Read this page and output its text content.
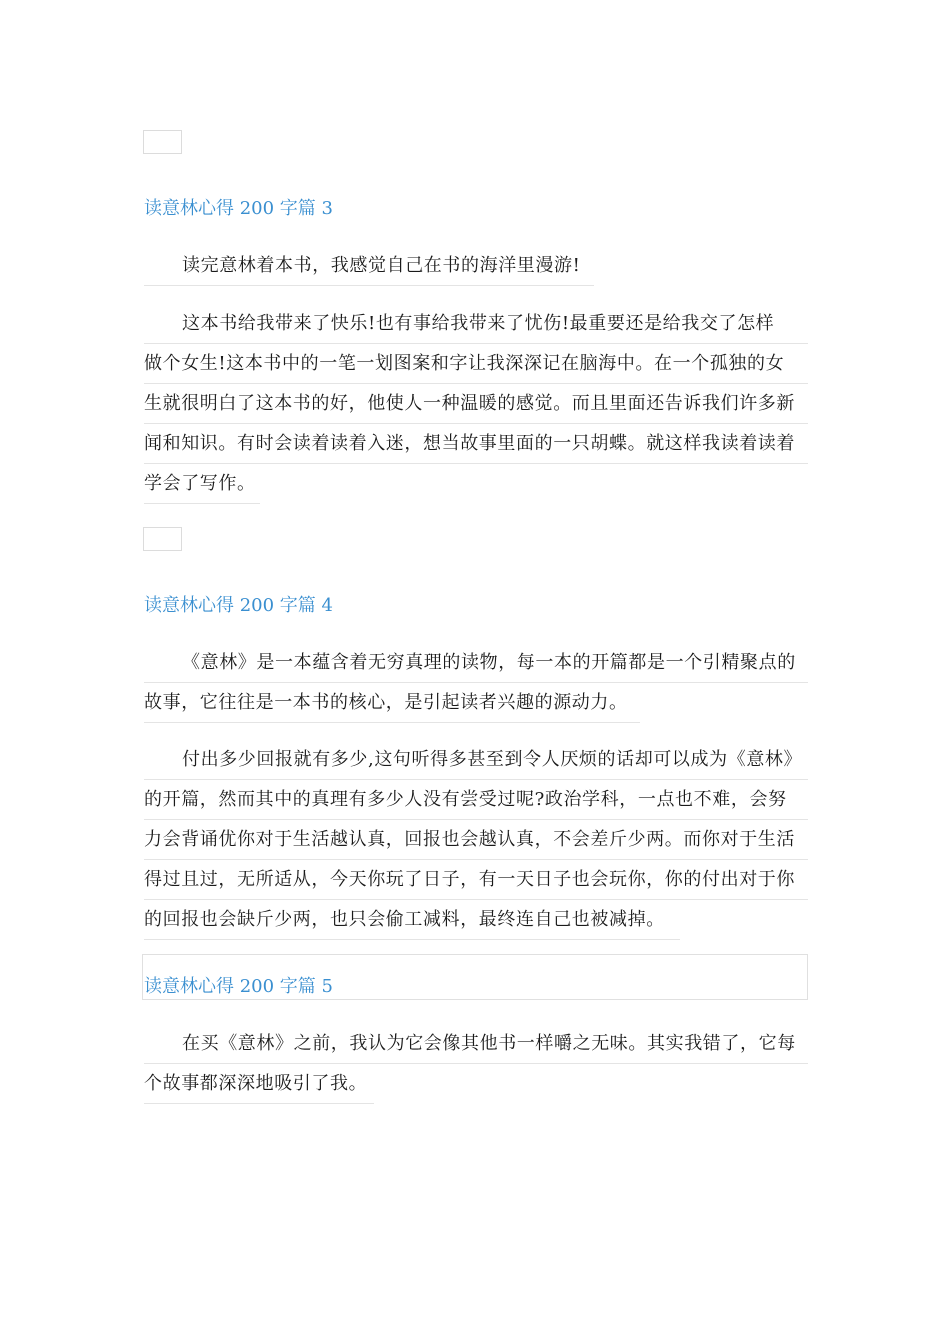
读意林心得 200 字篇 3
读完意林着本书，我感觉自己在书的海洋里漫游!
这本书给我带来了快乐!也有事给我带来了忧伤!最重要还是给我交了怎样
做个女生!这本书中的一笔一划图案和字让我深深记在脑海中。在一个孤独的女
生就很明白了这本书的好，他使人一种温暖的感觉。而且里面还告诉我们许多新
闻和知识。有时会读着读着入迷，想当故事里面的一只胡蝶。就这样我读着读着
学会了写作。
读意林心得 200 字篇 4
《意林》是一本蕴含着无穷真理的读物，每一本的开篇都是一个引精聚点的
故事，它往往是一本书的核心，是引起读者兴趣的源动力。
付出多少回报就有多少,这句听得多甚至到令人厌烦的话却可以成为《意林》
的开篇，然而其中的真理有多少人没有尝受过呢?政治学科，一点也不难，会努
力会背诵优你对于生活越认真，回报也会越认真，不会差斤少两。而你对于生活
得过且过，无所适从，今天你玩了日子，有一天日子也会玩你，你的付出对于你
的回报也会缺斤少两，也只会偷工减料，最终连自己也被减掉。
读意林心得 200 字篇 5
在买《意林》之前，我认为它会像其他书一样嚼之无味。其实我错了，它每
个故事都深深地吸引了我。
